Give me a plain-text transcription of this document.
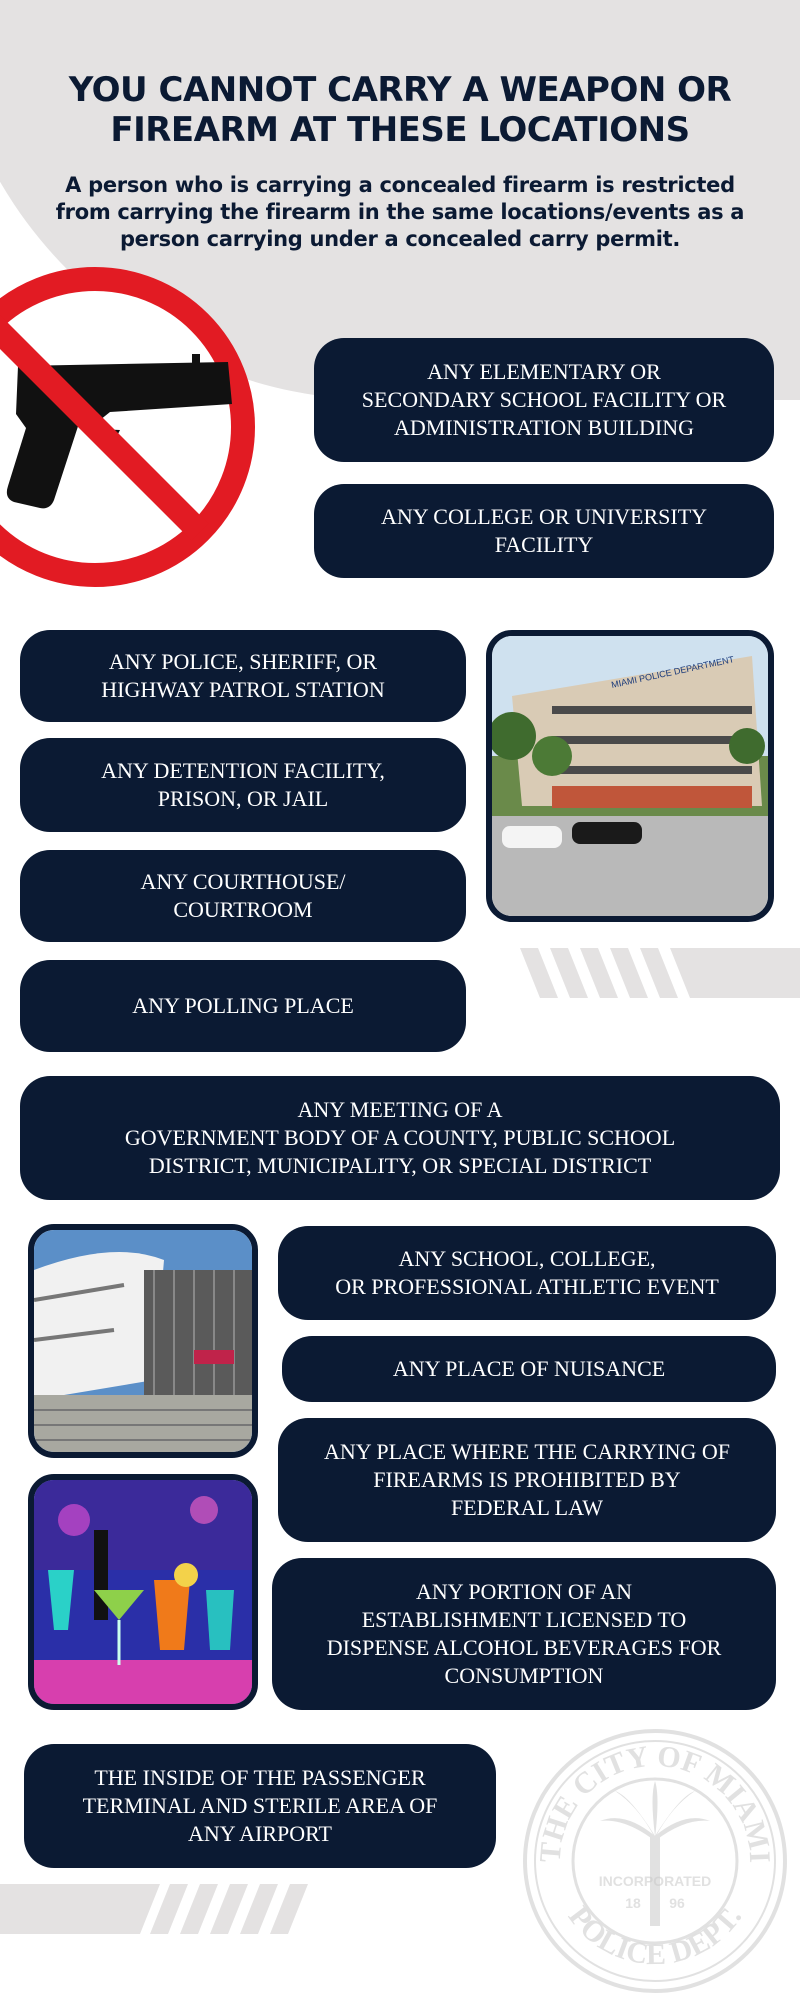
YOU CANNOT CARRY A WEAPON OR
FIREARM AT THESE LOCATIONS

A person who is carrying a concealed firearm is restricted from carrying the firearm in the same locations/events as a person carrying under a concealed carry permit.

ANY ELEMENTARY OR
SECONDARY SCHOOL FACILITY OR
ADMINISTRATION BUILDING
ANY COLLEGE OR UNIVERSITY
FACILITY
ANY POLICE, SHERIFF, OR
HIGHWAY PATROL STATION
ANY DETENTION FACILITY,
PRISON, OR JAIL
ANY COURTHOUSE/
COURTROOM
ANY POLLING PLACE
MIAMI POLICE DEPARTMENT
ANY MEETING OF A
GOVERNMENT BODY OF A COUNTY, PUBLIC SCHOOL
DISTRICT, MUNICIPALITY, OR SPECIAL DISTRICT
ANY SCHOOL, COLLEGE,
OR PROFESSIONAL ATHLETIC EVENT
ANY PLACE OF NUISANCE
ANY PLACE WHERE THE CARRYING OF
FIREARMS IS PROHIBITED BY
FEDERAL LAW
ANY PORTION OF AN
ESTABLISHMENT LICENSED TO
DISPENSE ALCOHOL BEVERAGES FOR
CONSUMPTION
THE INSIDE OF THE PASSENGER
TERMINAL AND STERILE AREA OF
ANY AIRPORT
THE CITY OF MIAMI
POLICE DEPT.
INCORPORATED
18 96
